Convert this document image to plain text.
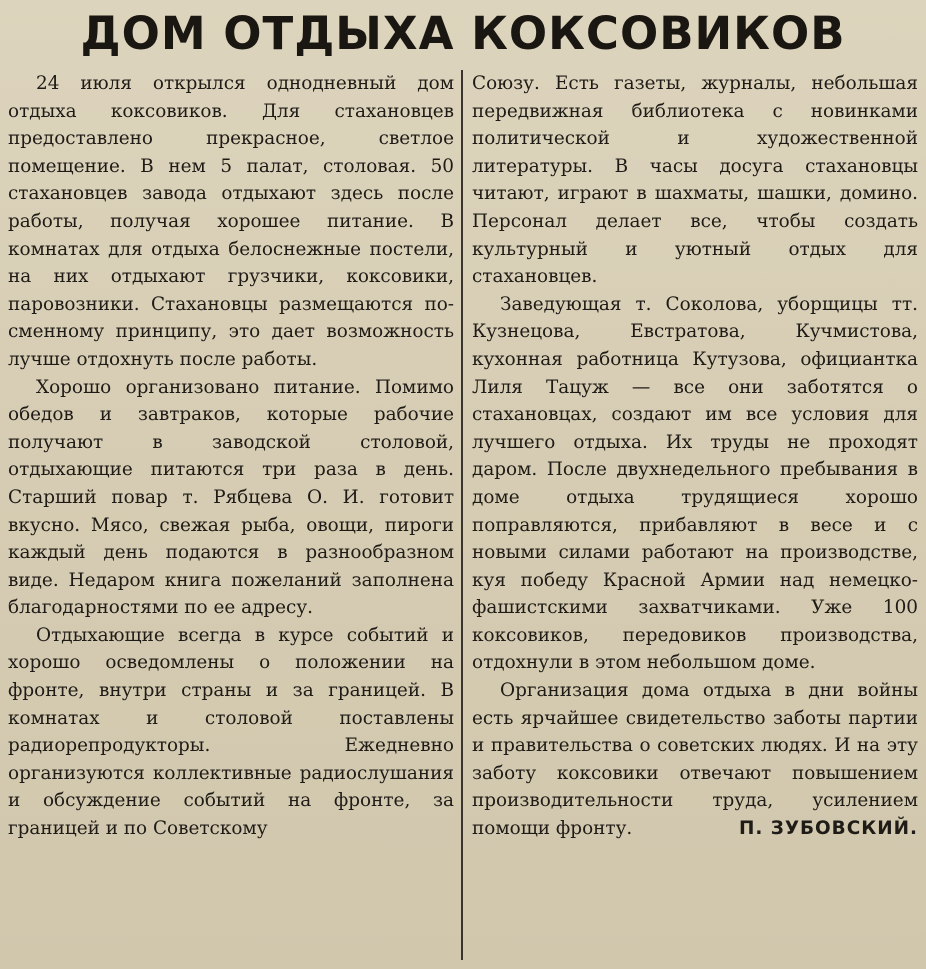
ДОМ ОТДЫХА КОКСОВИКОВ

24 июля открылся однодневный дом отдыха коксовиков. Для стахановцев предоставлено прекрасное, светлое помещение. В нем 5 палат, столовая. 50 стахановцев завода отдыхают здесь после работы, получая хорошее питание. В комнатах для отдыха белоснежные постели, на них отдыхают грузчики, коксовики, паровозники. Стахановцы размещаются по-сменному принципу, это дает возможность лучше отдохнуть после работы.

Хорошо организовано питание. Помимо обедов и завтраков, которые рабочие получают в заводской столовой, отдыхающие питаются три раза в день. Старший повар т. Рябцева О. И. готовит вкусно. Мясо, свежая рыба, овощи, пироги каждый день подаются в разнообразном виде. Недаром книга пожеланий заполнена благодарностями по ее адресу.

Отдыхающие всегда в курсе событий и хорошо осведомлены о положении на фронте, внутри страны и за границей. В комнатах и столовой поставлены радиорепродукторы. Ежедневно организуются коллективные радиослушания и обсуждение событий на фронте, за границей и по Советскому

Союзу. Есть газеты, журналы, небольшая передвижная библиотека с новинками политической и художественной литературы. В часы досуга стахановцы читают, играют в шахматы, шашки, домино. Персонал делает все, чтобы создать культурный и уютный отдых для стахановцев.

Заведующая т. Соколова, уборщицы тт. Кузнецова, Евстратова, Кучмистова, кухонная работница Кутузова, официантка Лиля Тацуж — все они заботятся о стахановцах, создают им все условия для лучшего отдыха. Их труды не проходят даром. После двухнедельного пребывания в доме отдыха трудящиеся хорошо поправляются, прибавляют в весе и с новыми силами работают на производстве, куя победу Красной Армии над немецко-фашистскими захватчиками. Уже 100 коксовиков, передовиков производства, отдохнули в этом небольшом доме.

Организация дома отдыха в дни войны есть ярчайшее свидетельство заботы партии и правительства о советских людях. И на эту заботу коксовики отвечают повышением производительности труда, усилением помощи фронту.	П. ЗУБОВСКИЙ.
